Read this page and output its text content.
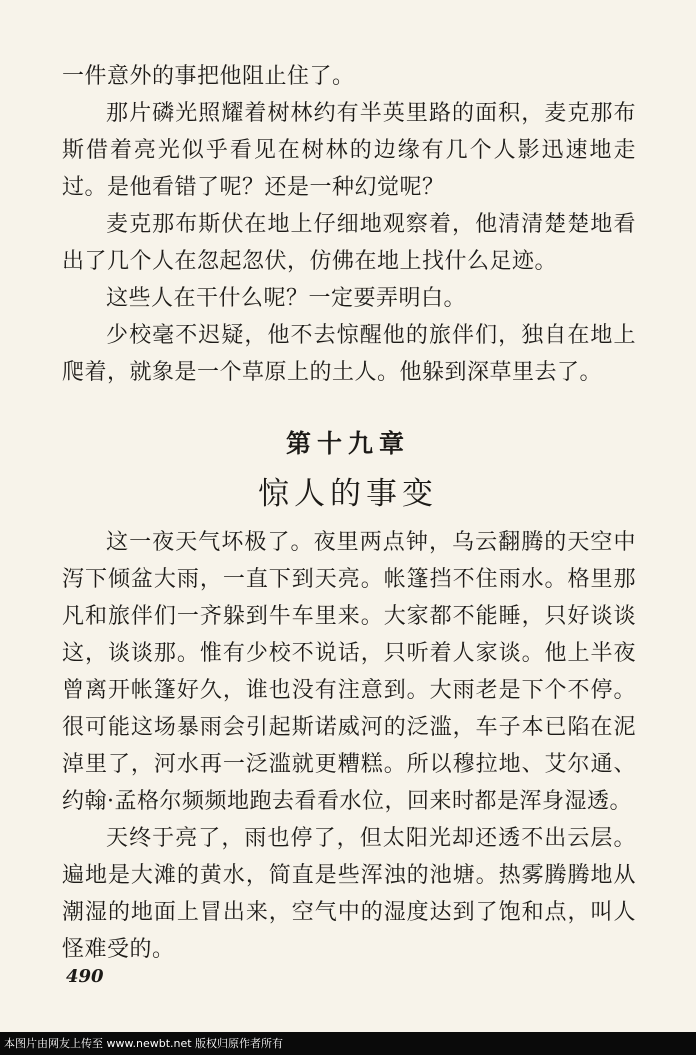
一件意外的事把他阻止住了。

那片磷光照耀着树林约有半英里路的面积，麦克那布斯借着亮光似乎看见在树林的边缘有几个人影迅速地走过。是他看错了呢？还是一种幻觉呢？

麦克那布斯伏在地上仔细地观察着，他清清楚楚地看出了几个人在忽起忽伏，仿佛在地上找什么足迹。

这些人在干什么呢？一定要弄明白。

少校毫不迟疑，他不去惊醒他的旅伴们，独自在地上爬着，就象是一个草原上的土人。他躲到深草里去了。

第十九章
惊人的事变

这一夜天气坏极了。夜里两点钟，乌云翻腾的天空中泻下倾盆大雨，一直下到天亮。帐篷挡不住雨水。格里那凡和旅伴们一齐躲到牛车里来。大家都不能睡，只好谈谈这，谈谈那。惟有少校不说话，只听着人家谈。他上半夜曾离开帐篷好久，谁也没有注意到。大雨老是下个不停。很可能这场暴雨会引起斯诺威河的泛滥，车子本已陷在泥淖里了，河水再一泛滥就更糟糕。所以穆拉地、艾尔通、约翰·孟格尔频频地跑去看看水位，回来时都是浑身湿透。

天终于亮了，雨也停了，但太阳光却还透不出云层。遍地是大滩的黄水，简直是些浑浊的池塘。热雾腾腾地从潮湿的地面上冒出来，空气中的湿度达到了饱和点，叫人怪难受的。

490
本图片由网友上传至 www.newbt.net 版权归原作者所有
